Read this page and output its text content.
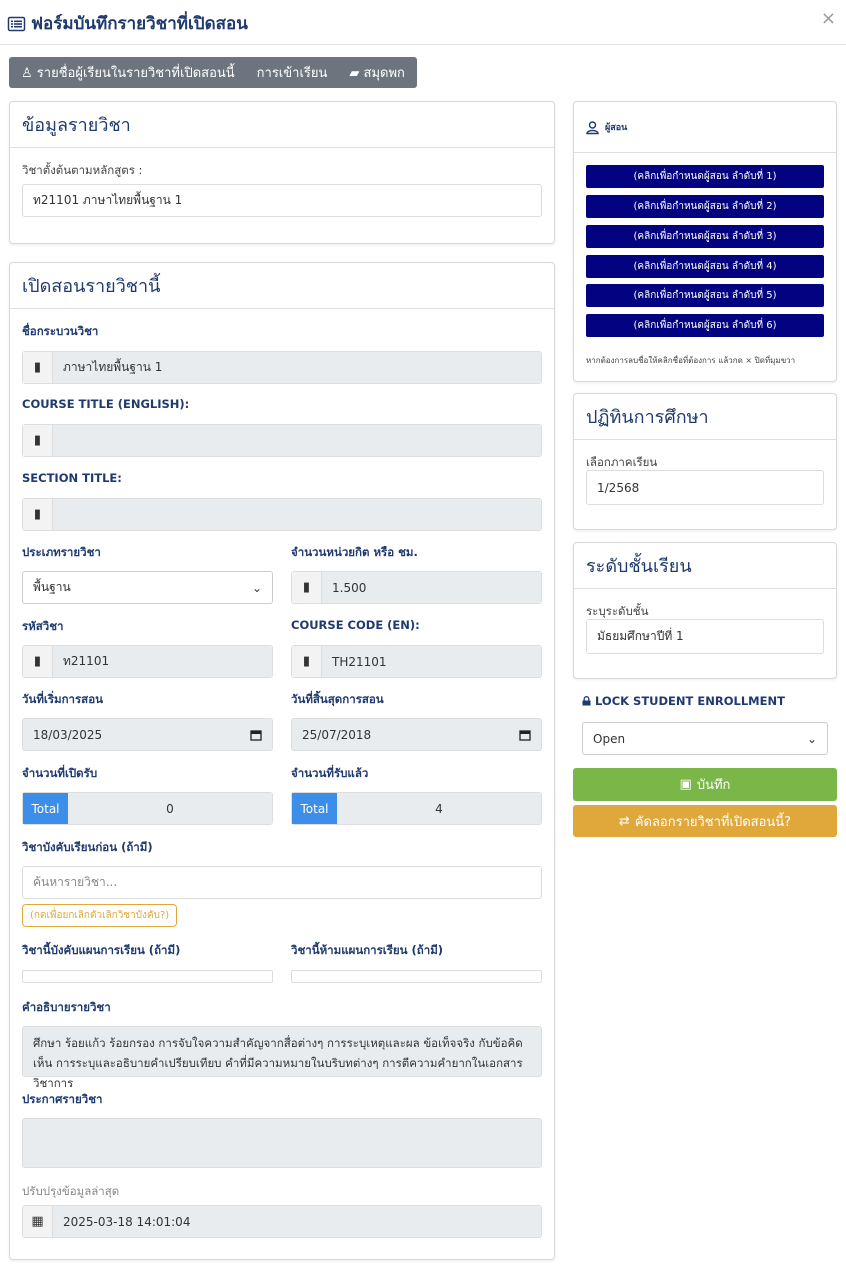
ฟอร์มบันทึกรายวิชาที่เปิดสอน	×
♙ รายชื่อผู้เรียนในรายวิชาที่เปิดสอนนี้ การเข้าเรียน ▰ สมุดพก
ข้อมูลรายวิชา
วิชาตั้งต้นตามหลักสูตร :
ท21101 ภาษาไทยพื้นฐาน 1
เปิดสอนรายวิชานี้
ชื่อกระบวนวิชา
▮	ภาษาไทยพื้นฐาน 1
COURSE TITLE (ENGLISH):
▮
SECTION TITLE:
▮
ประเภทรายวิชา
พื้นฐาน	⌄
จำนวนหน่วยกิต หรือ ชม.
▮	1.500
รหัสวิชา
▮	ท21101
COURSE CODE (EN):
▮	TH21101
วันที่เริ่มการสอน
18/03/2025
วันที่สิ้นสุดการสอน
25/07/2018
จำนวนที่เปิดรับ
Total	0
จำนวนที่รับแล้ว
Total	4
วิชาบังคับเรียนก่อน (ถ้ามี)
ค้นหารายวิชา...
(กดเพื่อยกเลิกตัวเลิกวิชาบังคับ?)
วิชานี้บังคับแผนการเรียน (ถ้ามี)	วิชานี้ห้ามแผนการเรียน (ถ้ามี)
คำอธิบายรายวิชา
ศึกษา ร้อยแก้ว ร้อยกรอง การจับใจความสำคัญจากสื่อต่างๆ การระบุเหตุและผล ข้อเท็จจริง กับข้อคิดเห็น การระบุและอธิบายคำเปรียบเทียบ คำที่มีความหมายในบริบทต่างๆ การตีความคำยากในเอกสารวิชาการ
ประกาศรายวิชา
ปรับปรุงข้อมูลล่าสุด
▦	2025-03-18 14:01:04
ผู้สอน
(คลิกเพื่อกำหนดผู้สอน ลำดับที่ 1)
(คลิกเพื่อกำหนดผู้สอน ลำดับที่ 2)
(คลิกเพื่อกำหนดผู้สอน ลำดับที่ 3)
(คลิกเพื่อกำหนดผู้สอน ลำดับที่ 4)
(คลิกเพื่อกำหนดผู้สอน ลำดับที่ 5)
(คลิกเพื่อกำหนดผู้สอน ลำดับที่ 6)
หากต้องการลบชื่อให้คลิกชื่อที่ต้องการ แล้วกด × ปิดที่มุมขวา
ปฏิทินการศึกษา
เลือกภาคเรียน
1/2568
ระดับชั้นเรียน
ระบุระดับชั้น
มัธยมศึกษาปีที่ 1
LOCK STUDENT ENROLLMENT
Open	⌄
▣ บันทึก
⇄ คัดลอกรายวิชาที่เปิดสอนนี้?
